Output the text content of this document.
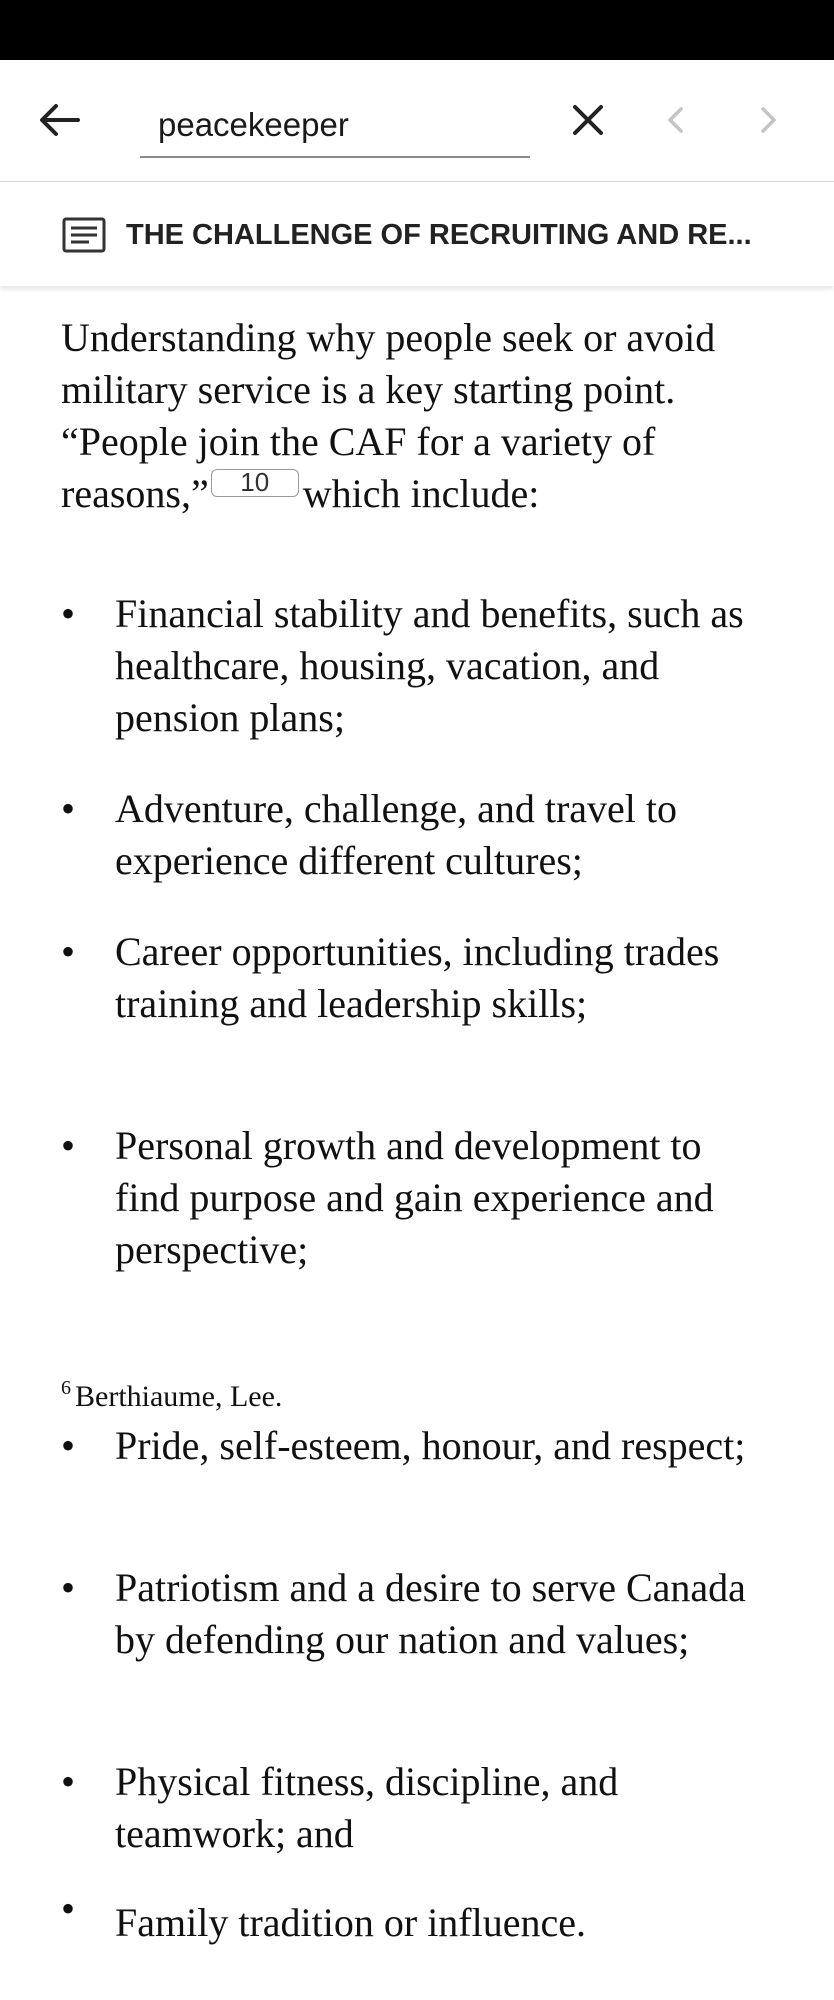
peacekeeper
THE CHALLENGE OF RECRUITING AND RE...

Understanding why people seek or avoid military service is a key starting point. “People join the CAF for a variety of reasons,” 10 which include:

• Financial stability and benefits, such as healthcare, housing, vacation, and pension plans;
• Adventure, challenge, and travel to experience different cultures;
• Career opportunities, including trades training and leadership skills;
• Personal growth and development to find purpose and gain experience and perspective;
$^6$ Berthiaume, Lee.
• Pride, self-esteem, honour, and respect;
• Patriotism and a desire to serve Canada by defending our nation and values;
• Physical fitness, discipline, and teamwork; and
• Family tradition or influence.
